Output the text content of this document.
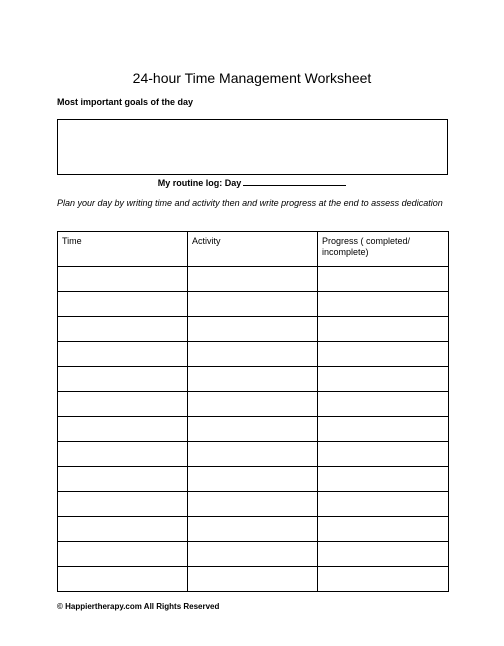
24-hour Time Management Worksheet
Most important goals of the day
My routine log: Day
Plan your day by writing time and activity then and write progress at the end to assess dedication
Time	Activity	Progress ( completed/ incomplete)

© Happiertherapy.com All Rights Reserved
